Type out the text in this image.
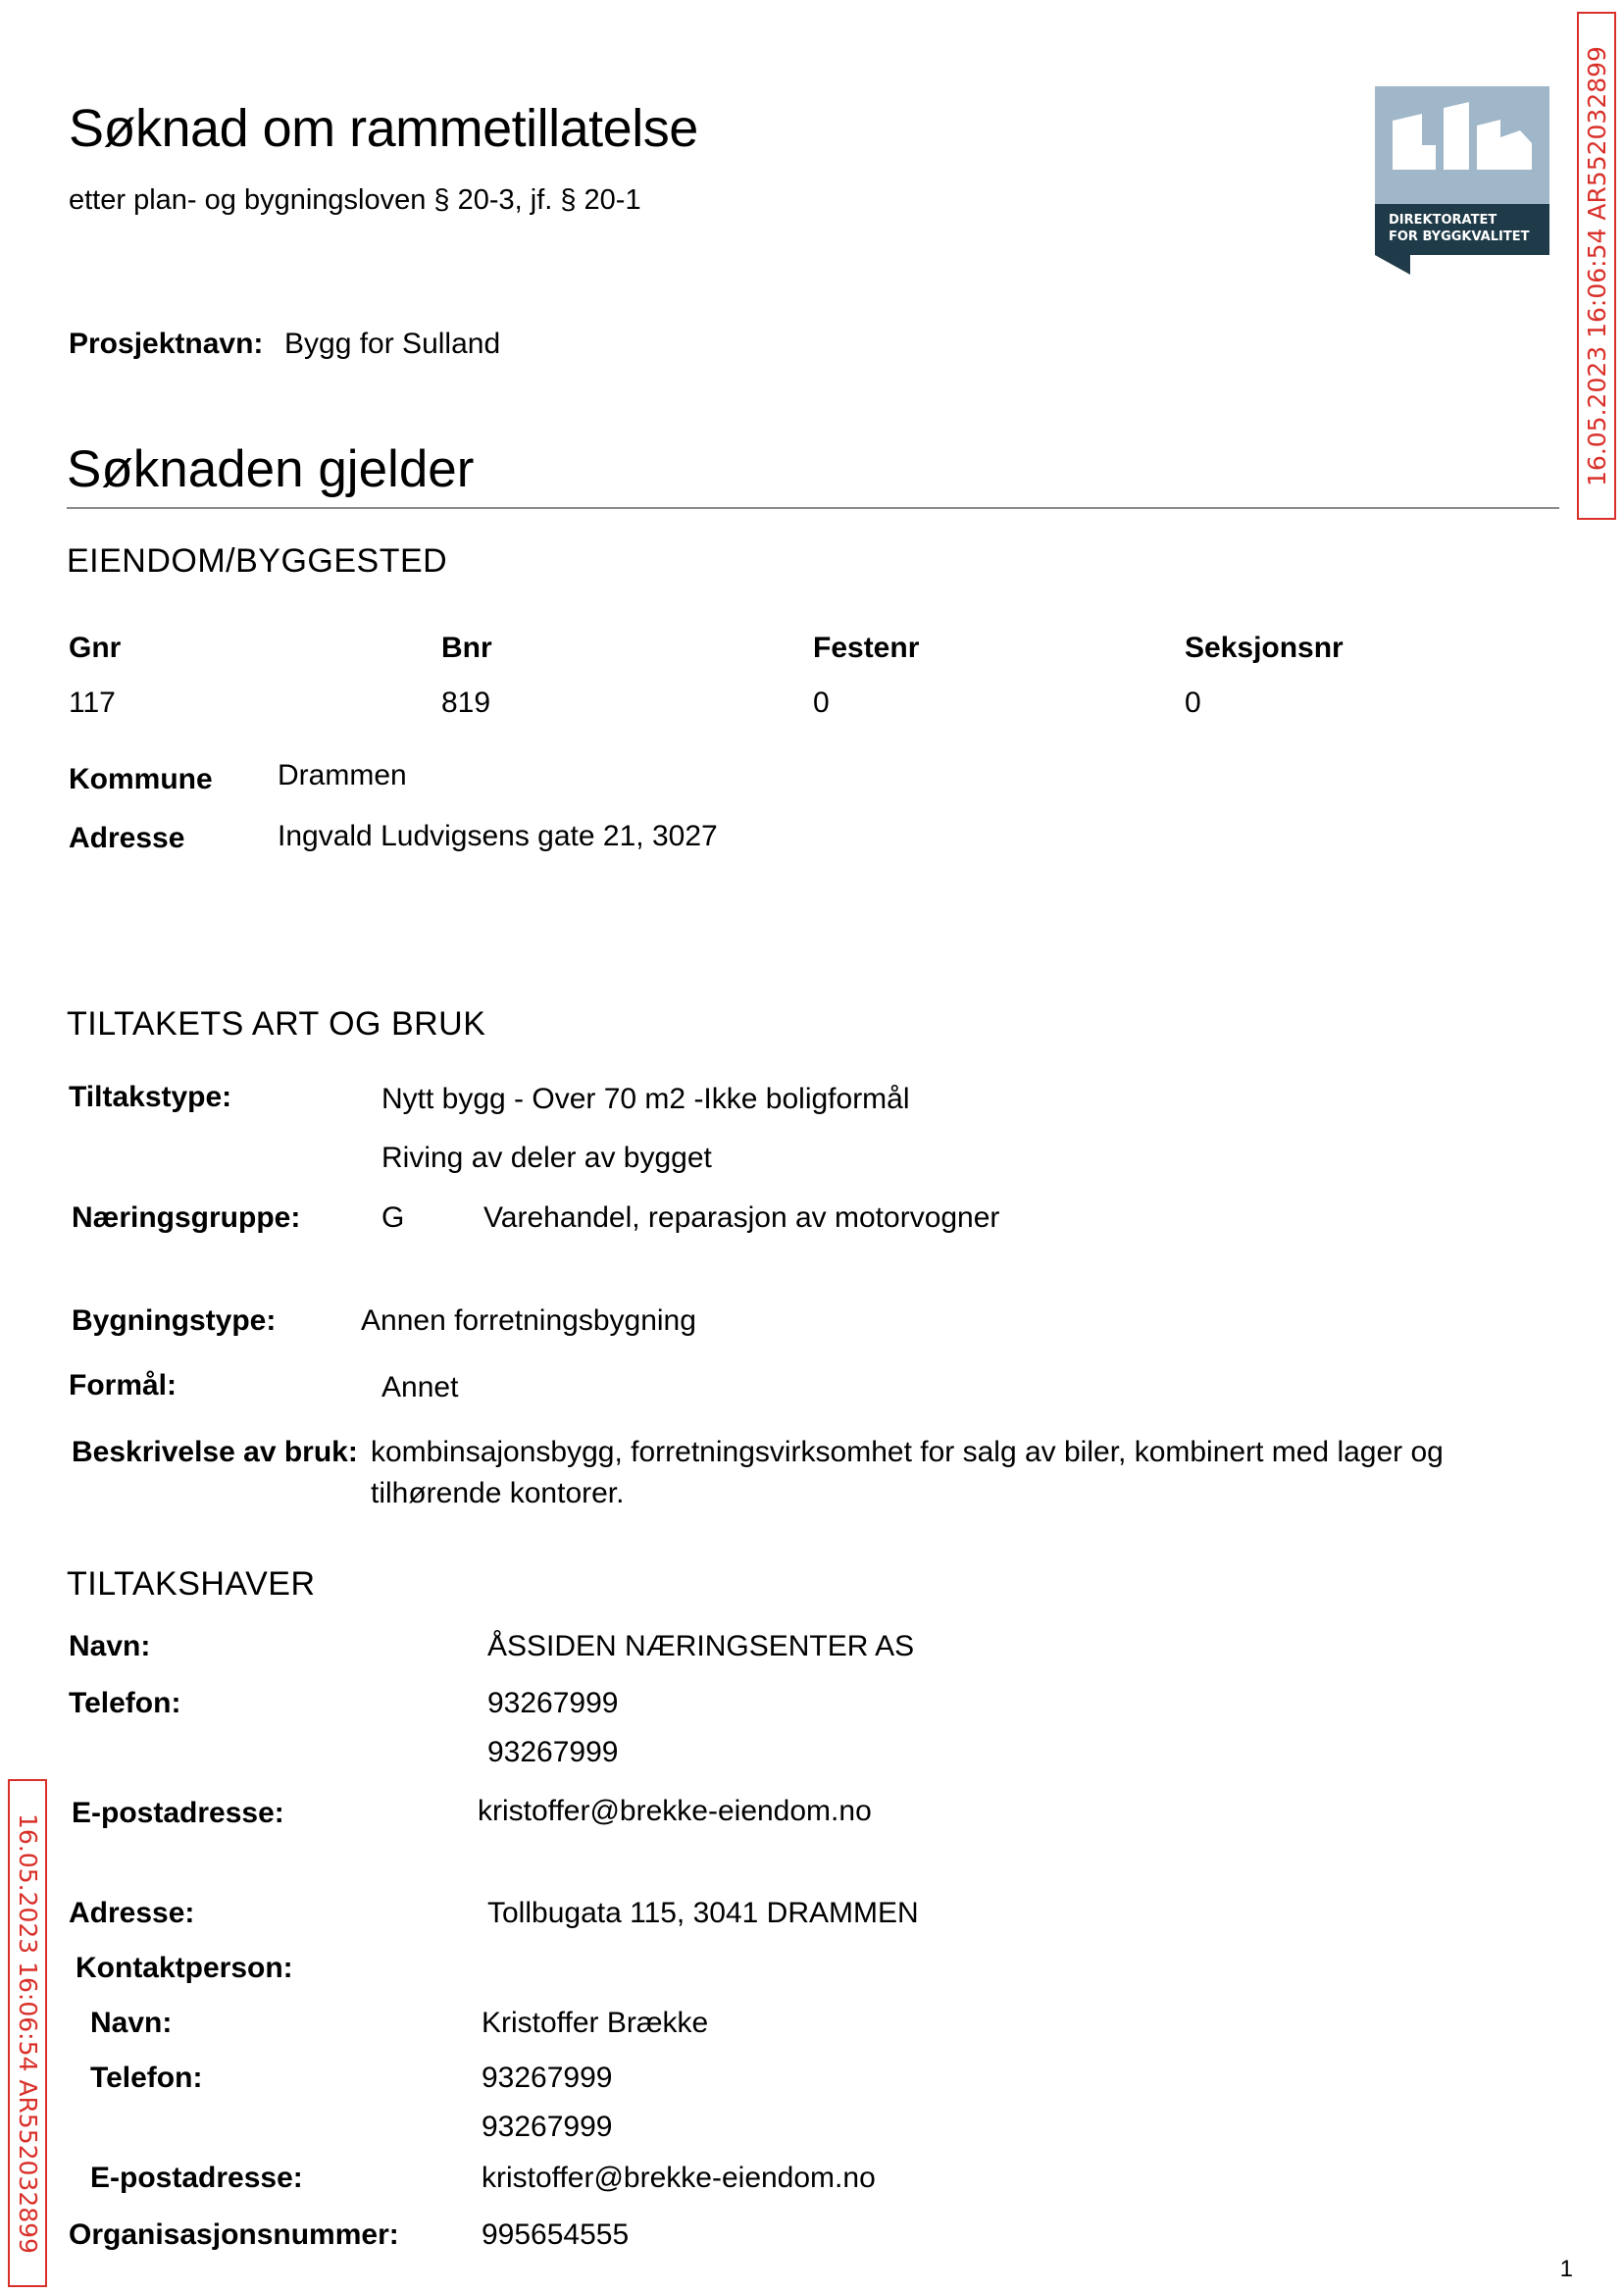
Søknad om rammetillatelse
etter plan- og bygningsloven § 20-3, jf. § 20-1
DIREKTORATET
FOR BYGGKVALITET 16.05.2023 16:06:54 AR552032899
16.05.2023 16:06:54 AR552032899
Prosjektnavn: Bygg for Sulland
Søknaden gjelder
EIENDOM/BYGGESTED
Gnr	Bnr	Festenr	Seksjonsnr
117	819	0	0
Kommune Drammen
Adresse	Ingvald Ludvigsens gate 21, 3027
TILTAKETS ART OG BRUK
Tiltakstype:	Nytt bygg - Over 70 m2 -Ikke boligformål
Riving av deler av bygget
Næringsgruppe:	G	Varehandel, reparasjon av motorvogner
Bygningstype:	Annen forretningsbygning
Formål:	Annet
Beskrivelse av bruk: kombinsajonsbygg, forretningsvirksomhet for salg av biler, kombinert med lager og
tilhørende kontorer.
TILTAKSHAVER
Navn:	ÅSSIDEN NÆRINGSENTER AS
Telefon:	93267999
93267999
E-postadresse:	kristoffer@brekke-eiendom.no
Adresse:	Tollbugata 115, 3041 DRAMMEN
Kontaktperson:
Navn:	Kristoffer Brække
Telefon:	93267999
93267999
E-postadresse:	kristoffer@brekke-eiendom.no
Organisasjonsnummer:	995654555
1
